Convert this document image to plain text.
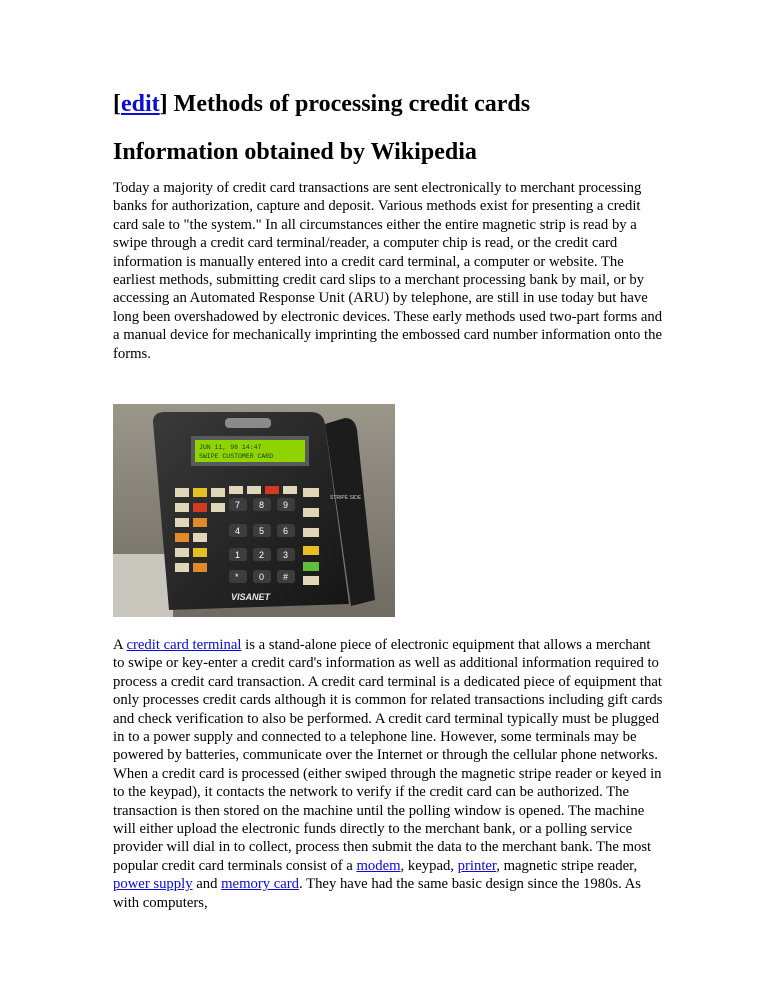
[edit] Methods of processing credit cards
Information obtained by Wikipedia

Today a majority of credit card transactions are sent electronically to merchant processing banks for authorization, capture and deposit. Various methods exist for presenting a credit card sale to "the system." In all circumstances either the entire magnetic strip is read by a swipe through a credit card terminal/reader, a computer chip is read, or the credit card information is manually entered into a credit card terminal, a computer or website. The earliest methods, submitting credit card slips to a merchant processing bank by mail, or by accessing an Automated Response Unit (ARU) by telephone, are still in use today but have long been overshadowed by electronic devices. These early methods used two-part forms and a manual device for mechanically imprinting the embossed card number information onto the forms.

STRIPE SIDE
JUN 11, 98 14:47
SWIPE CUSTOMER CARD
1 2 3
4 5 6
7 8 9
* 0 #
VISANET

A credit card terminal is a stand-alone piece of electronic equipment that allows a merchant to swipe or key-enter a credit card's information as well as additional information required to process a credit card transaction. A credit card terminal is a dedicated piece of equipment that only processes credit cards although it is common for related transactions including gift cards and check verification to also be performed. A credit card terminal typically must be plugged in to a power supply and connected to a telephone line. However, some terminals may be powered by batteries, communicate over the Internet or through the cellular phone networks. When a credit card is processed (either swiped through the magnetic stripe reader or keyed in to the keypad), it contacts the network to verify if the credit card can be authorized. The transaction is then stored on the machine until the polling window is opened. The machine will either upload the electronic funds directly to the merchant bank, or a polling service provider will dial in to collect, process then submit the data to the merchant bank. The most popular credit card terminals consist of a modem, keypad, printer, magnetic stripe reader, power supply and memory card. They have had the same basic design since the 1980s. As with computers,
